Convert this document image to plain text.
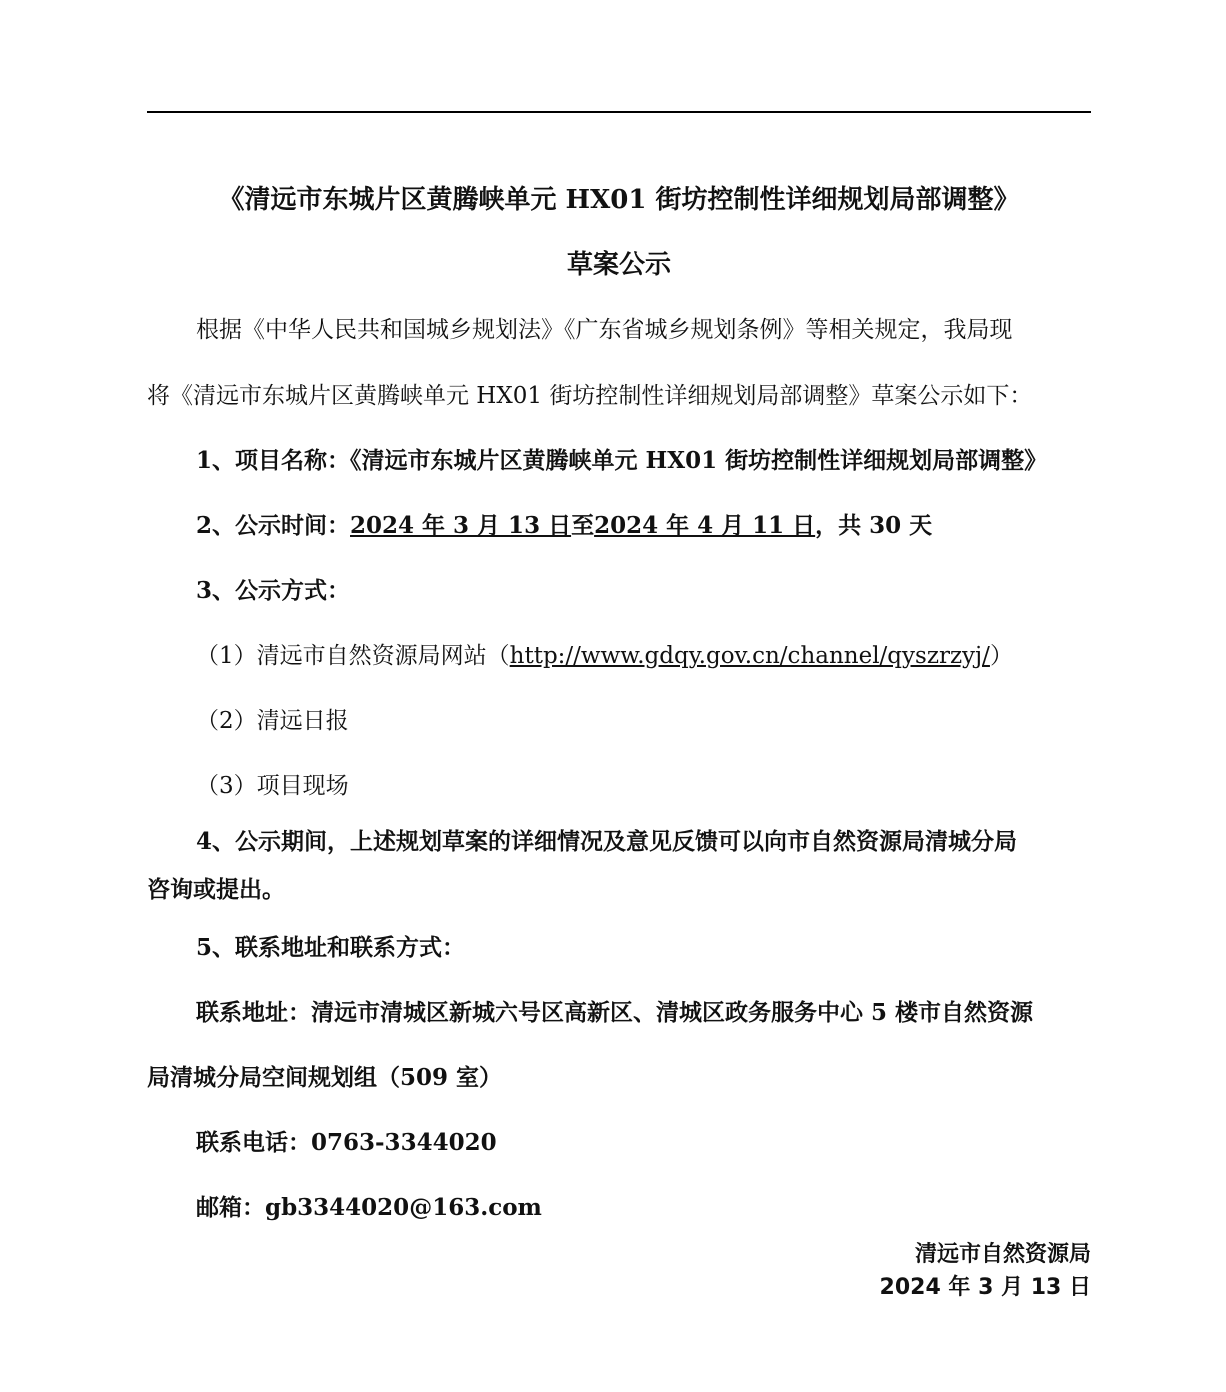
《清远市东城片区黄腾峡单元 HX01 街坊控制性详细规划局部调整》
草案公示
根据《中华人民共和国城乡规划法》《广东省城乡规划条例》等相关规定，我局现
将《清远市东城片区黄腾峡单元 HX01 街坊控制性详细规划局部调整》草案公示如下：
1、项目名称：《清远市东城片区黄腾峡单元 HX01 街坊控制性详细规划局部调整》
2、公示时间：2024 年 3 月 13 日至2024 年 4 月 11 日，共 30 天
3、公示方式：
（1）清远市自然资源局网站（http://www.gdqy.gov.cn/channel/qyszrzyj/）
（2）清远日报
（3）项目现场
4、公示期间，上述规划草案的详细情况及意见反馈可以向市自然资源局清城分局
咨询或提出。
5、联系地址和联系方式：
联系地址：清远市清城区新城六号区高新区、清城区政务服务中心 5 楼市自然资源
局清城分局空间规划组（509 室）
联系电话：0763-3344020
邮箱：gb3344020@163.com
清远市自然资源局
2024 年 3 月 13 日
